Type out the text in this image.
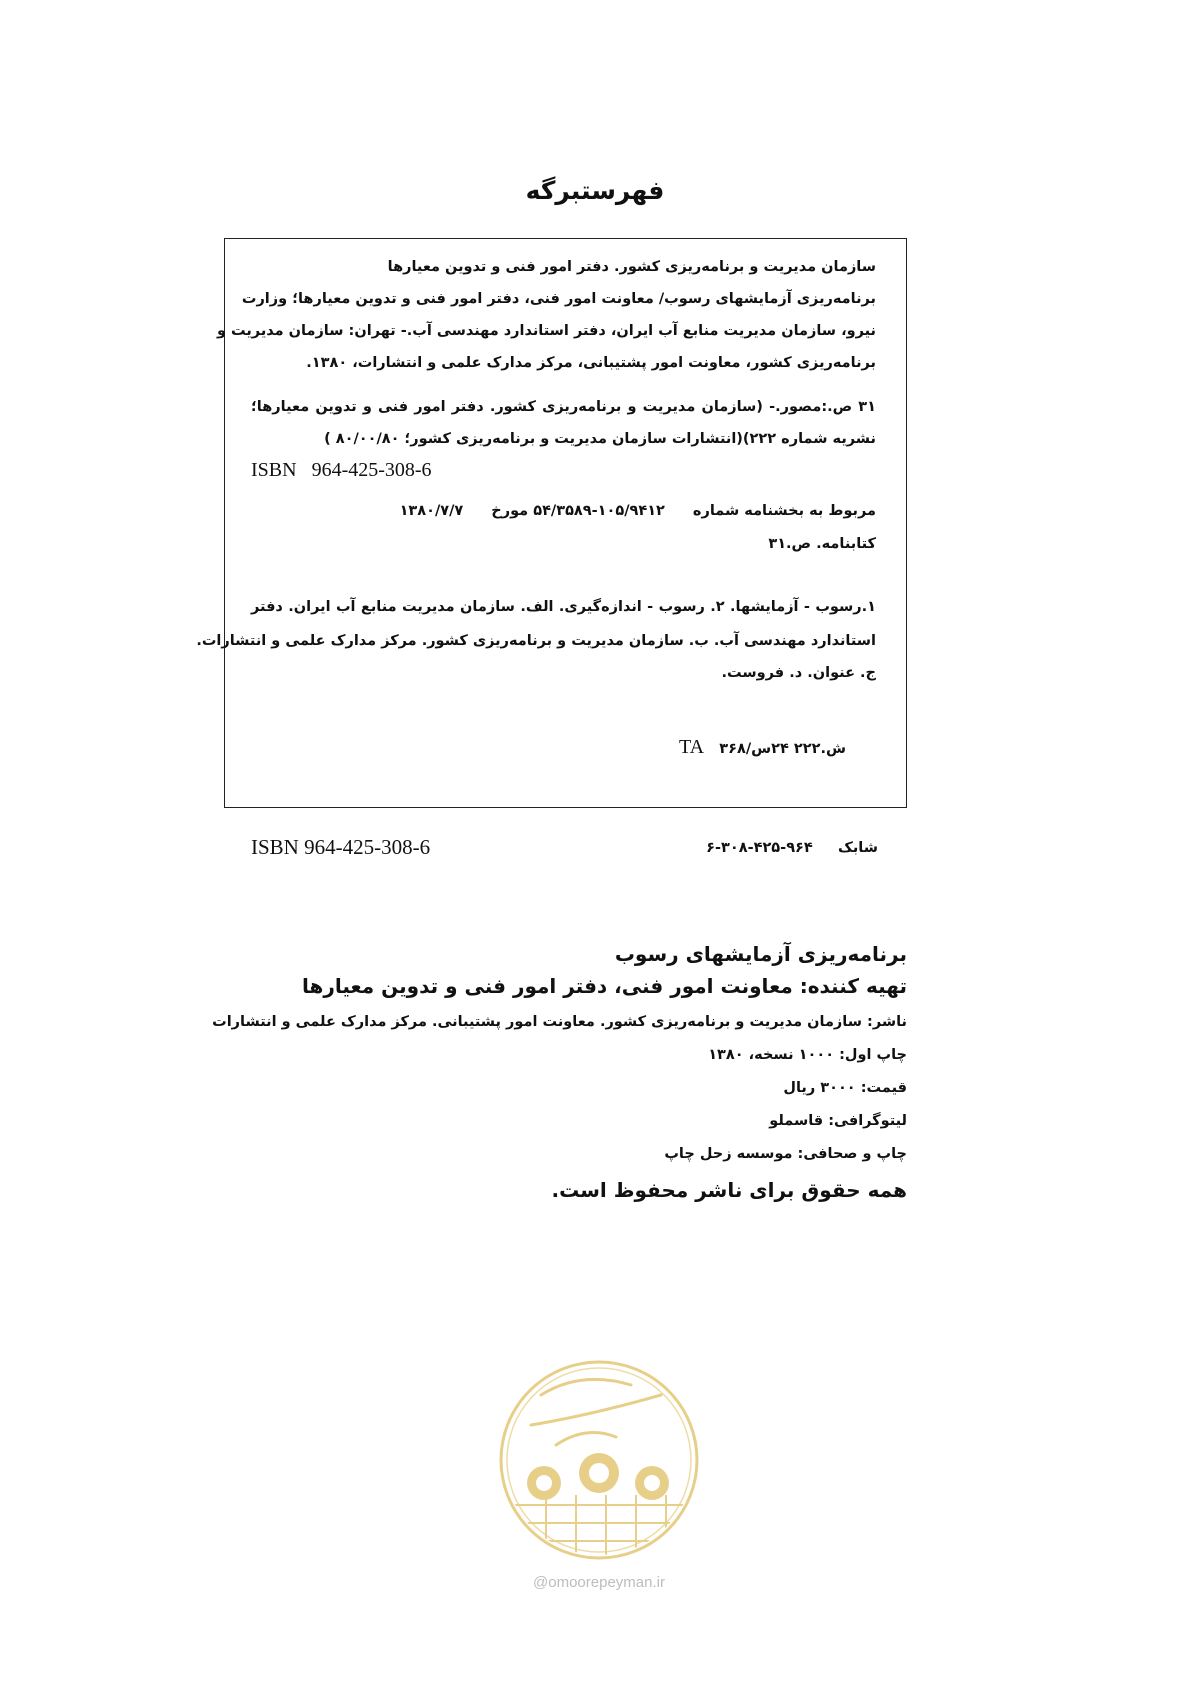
فهرستبرگه
سازمان مدیریت و برنامه‌ریزی کشور. دفتر امور فنی و تدوین معیارها
برنامه‌ریزی آزمایشهای رسوب/ معاونت امور فنی، دفتر امور فنی و تدوین معیارها؛ وزارت
نیرو، سازمان مدیریت منابع آب ایران، دفتر استاندارد مهندسی آب.- تهران: سازمان مدیریت و
برنامه‌ریزی کشور، معاونت امور پشتیبانی، مرکز مدارک علمی و انتشارات، ۱۳۸۰.
۳۱ ص.:مصور.- (سازمان مدیریت و برنامه‌ریزی کشور. دفتر امور فنی و تدوین معیارها؛
نشریه شماره ۲۲۲)(انتشارات سازمان مدیریت و برنامه‌ریزی کشور؛ ۸۰/۰۰/۸۰ )
ISBN 964-425-308-6
مربوط به بخشنامه شماره۱۰۵/۹۴۱۲-۵۴/۳۵۸۹ مورخ۱۳۸۰/۷/۷
کتابنامه. ص.۳۱
۱.رسوب - آزمایشها. ۲. رسوب - اندازه‌گیری. الف. سازمان مدیریت منابع آب ایران. دفتر
استاندارد مهندسی آب. ب. سازمان مدیریت و برنامه‌ریزی کشور. مرکز مدارک علمی و انتشارات.
ج. عنوان. د. فروست.
ش.۲۲۲ ۲۴س/۳۶۸   TA
ISBN 964-425-308-6	شابک     ۹۶۴-۴۲۵-۳۰۸-۶
برنامه‌ریزی آزمایشهای رسوب
تهیه کننده: معاونت امور فنی، دفتر امور فنی و تدوین معیارها
ناشر: سازمان مدیریت و برنامه‌ریزی کشور. معاونت امور پشتیبانی. مرکز مدارک علمی و انتشارات
چاپ اول: ۱۰۰۰ نسخه، ۱۳۸۰
قیمت: ۳۰۰۰ ریال
لیتوگرافی: قاسملو
چاپ و صحافی: موسسه زحل چاپ
همه حقوق برای ناشر محفوظ است.
@omoorepeyman.ir
